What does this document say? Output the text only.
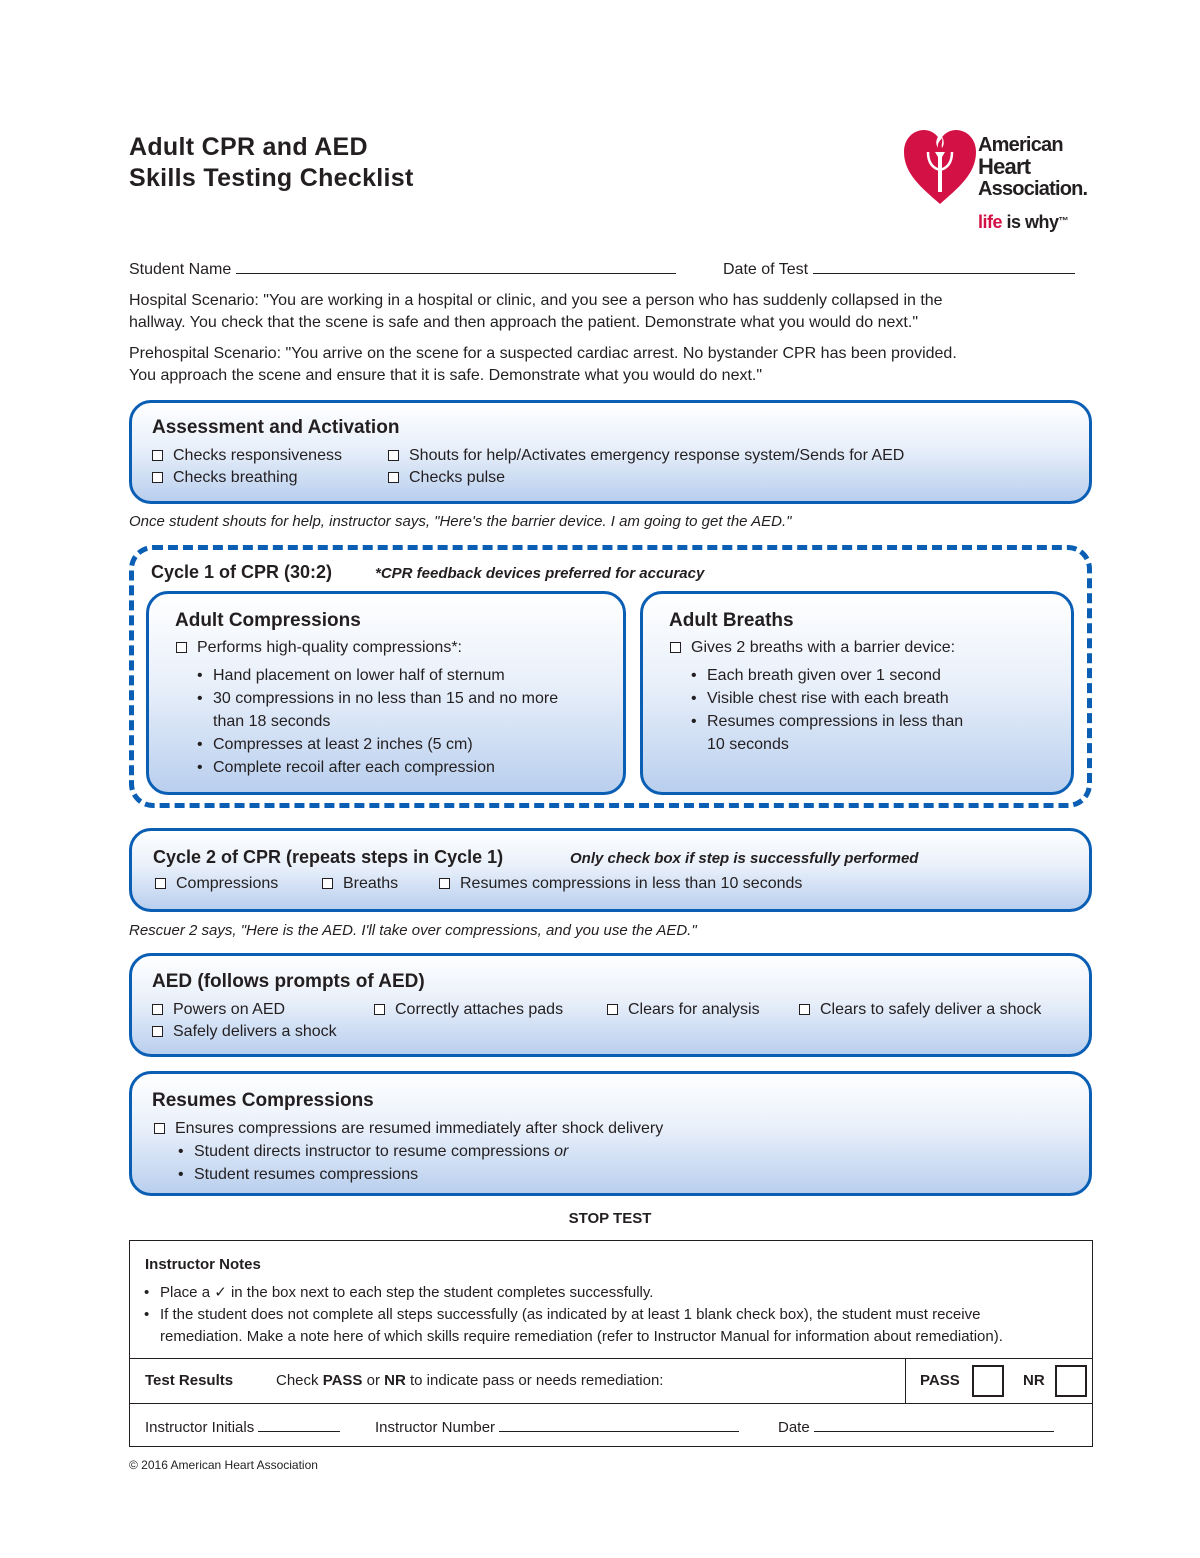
Adult CPR and AED
Skills Testing Checklist
American
Heart
Association.
life is why™
Student Name	Date of Test
Hospital Scenario: "You are working in a hospital or clinic, and you see a person who has suddenly collapsed in the
hallway. You check that the scene is safe and then approach the patient. Demonstrate what you would do next."
Prehospital Scenario: "You arrive on the scene for a suspected cardiac arrest. No bystander CPR has been provided.
You approach the scene and ensure that it is safe. Demonstrate what you would do next."
Assessment and Activation
Checks responsiveness	Shouts for help/Activates emergency response system/Sends for AED
Checks breathing	Checks pulse
Once student shouts for help, instructor says, "Here's the barrier device. I am going to get the AED."
Cycle 1 of CPR (30:2)	*CPR feedback devices preferred for accuracy
Adult Compressions
Performs high-quality compressions*:
• Hand placement on lower half of sternum
• 30 compressions in no less than 15 and no more
than 18 seconds
• Compresses at least 2 inches (5 cm)
• Complete recoil after each compression
Adult Breaths
Gives 2 breaths with a barrier device:
• Each breath given over 1 second
• Visible chest rise with each breath
• Resumes compressions in less than
10 seconds
Cycle 2 of CPR (repeats steps in Cycle 1)	Only check box if step is successfully performed
Compressions	Breaths	Resumes compressions in less than 10 seconds
Rescuer 2 says, "Here is the AED. I'll take over compressions, and you use the AED."
AED (follows prompts of AED)
Powers on AED	Correctly attaches pads	Clears for analysis	Clears to safely deliver a shock
Safely delivers a shock
Resumes Compressions
Ensures compressions are resumed immediately after shock delivery
• Student directs instructor to resume compressions or
• Student resumes compressions
STOP TEST
Instructor Notes
• Place a ✓ in the box next to each step the student completes successfully.
• If the student does not complete all steps successfully (as indicated by at least 1 blank check box), the student must receive
remediation. Make a note here of which skills require remediation (refer to Instructor Manual for information about remediation).
Test Results	Check PASS or NR to indicate pass or needs remediation:	PASS	NR
Instructor Initials	Instructor Number	Date
© 2016 American Heart Association
